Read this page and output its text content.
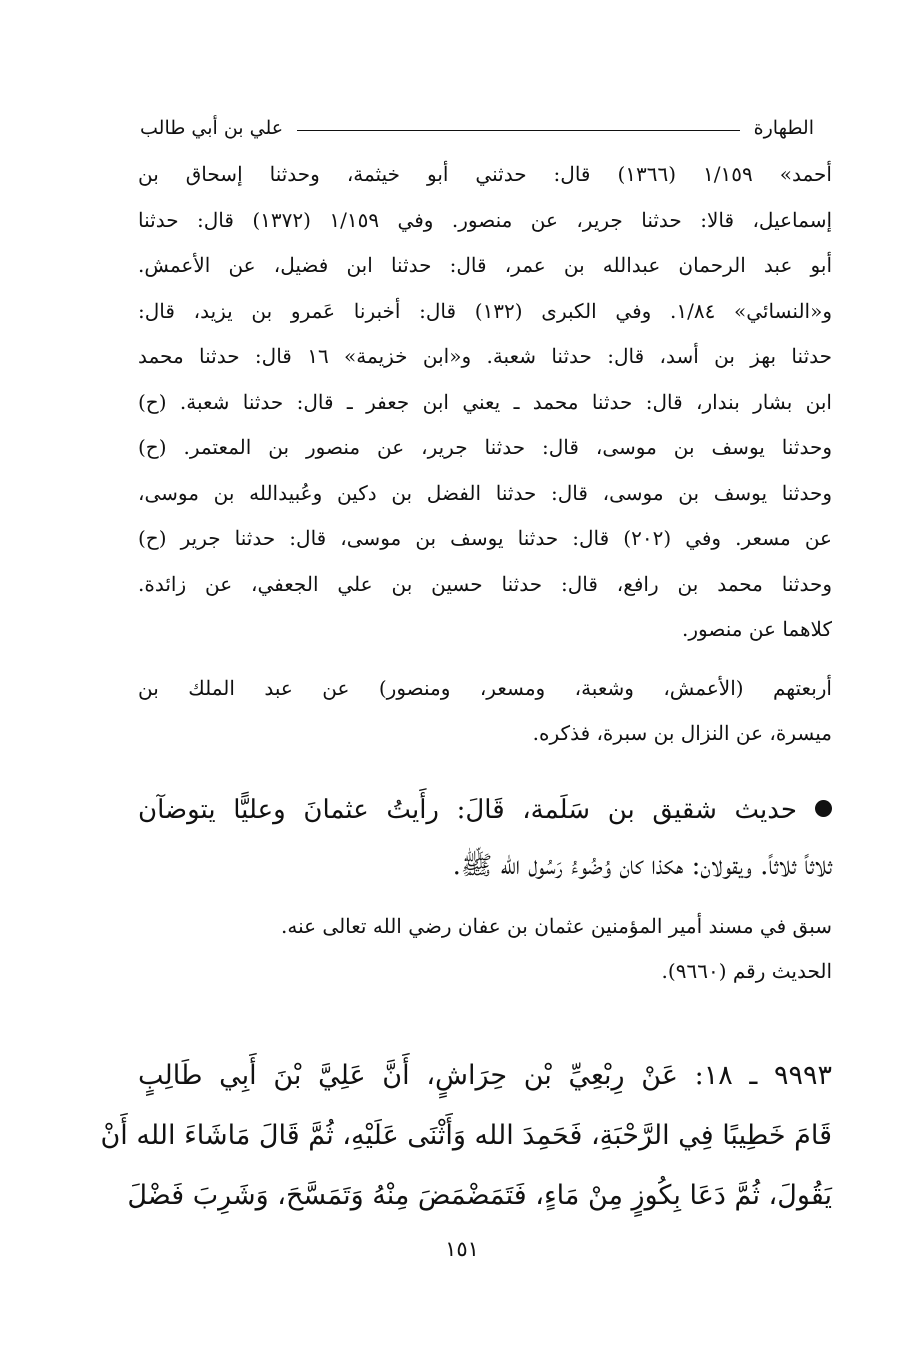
الطهارة
علي بن أبي طالب
أحمد» ١/١٥٩ (١٣٦٦) قال: حدثني أبو خيثمة، وحدثنا إسحاق بن
إسماعيل، قالا: حدثنا جرير، عن منصور. وفي ١/١٥٩ (١٣٧٢) قال: حدثنا
أبو عبد الرحمان عبدالله بن عمر، قال: حدثنا ابن فضيل، عن الأعمش.
و«النسائي» ١/٨٤. وفي الكبرى (١٣٢) قال: أخبرنا عَمرو بن يزيد، قال:
حدثنا بهز بن أسد، قال: حدثنا شعبة. و«ابن خزيمة» ١٦ قال: حدثنا محمد
ابن بشار بندار، قال: حدثنا محمد ـ يعني ابن جعفر ـ قال: حدثنا شعبة. (ح)
وحدثنا يوسف بن موسى، قال: حدثنا جرير، عن منصور بن المعتمر. (ح)
وحدثنا يوسف بن موسى، قال: حدثنا الفضل بن دكين وعُبيدالله بن موسى،
عن مسعر. وفي (٢٠٢) قال: حدثنا يوسف بن موسى، قال: حدثنا جرير (ح)
وحدثنا محمد بن رافع، قال: حدثنا حسين بن علي الجعفي، عن زائدة.
كلاهما عن منصور.
أربعتهم (الأعمش، وشعبة، ومسعر، ومنصور) عن عبد الملك بن
ميسرة، عن النزال بن سبرة، فذكره.
حديث شقيق بن سَلَمة، قَالَ: رأَيتُ عثمانَ وعليًّا يتوضآن
ثلاثاً ثلاثاً. ويقولان: هكذا كان وُضُوءُ رَسُول الله ﷺ.
سبق في مسند أمير المؤمنين عثمان بن عفان رضي الله تعالى عنه.
الحديث رقم (٩٦٦٠).
٩٩٩٣ ـ ١٨: عَنْ رِبْعِيِّ بْن حِرَاشٍ، أَنَّ عَلِيَّ بْنَ أَبِي طَالِبٍ
قَامَ خَطِيبًا فِي الرَّحْبَةِ، فَحَمِدَ الله وَأَثْنَى عَلَيْهِ، ثُمَّ قَالَ مَاشَاءَ الله أَنْ
يَقُولَ، ثُمَّ دَعَا بِكُوزٍ مِنْ مَاءٍ، فَتَمَضْمَضَ مِنْهُ وَتَمَسَّحَ، وَشَرِبَ فَضْلَ
١٥١
